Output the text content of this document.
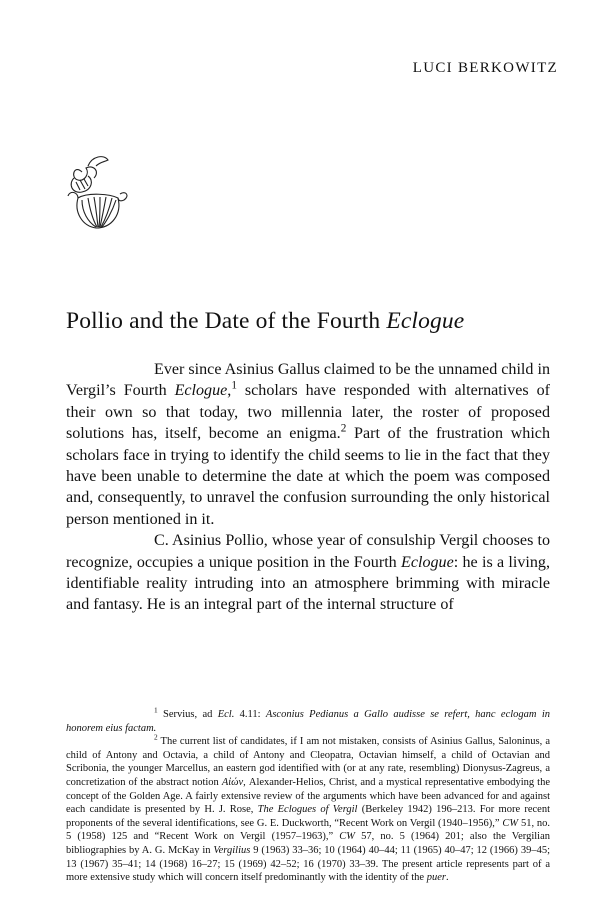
LUCI BERKOWITZ
Pollio and the Date of the Fourth Eclogue

Ever since Asinius Gallus claimed to be the unnamed child in Vergil’s Fourth Eclogue,$^1$ scholars have responded with alternatives of their own so that today, two millennia later, the roster of proposed solutions has, itself, become an enigma.$^2$ Part of the frustration which scholars face in trying to identify the child seems to lie in the fact that they have been unable to determine the date at which the poem was composed and, consequently, to unravel the confusion surrounding the only historical person mentioned in it.

C. Asinius Pollio, whose year of consulship Vergil chooses to recognize, occupies a unique position in the Fourth Eclogue: he is a living, identifiable reality intruding into an atmosphere brimming with miracle and fantasy. He is an integral part of the internal structure of

$^1$ Servius, ad Ecl. 4.11: Asconius Pedianus a Gallo audisse se refert, hanc eclogam in honorem eius factam.

$^2$ The current list of candidates, if I am not mistaken, consists of Asinius Gallus, Saloninus, a child of Antony and Octavia, a child of Antony and Cleopatra, Octavian himself, a child of Octavian and Scribonia, the younger Marcellus, an eastern god identified with (or at any rate, resembling) Dionysus-Zagreus, a concretization of the abstract notion Αἰών, Alexander-Helios, Christ, and a mystical representative embodying the concept of the Golden Age. A fairly extensive review of the arguments which have been advanced for and against each candidate is presented by H. J. Rose, The Eclogues of Vergil (Berkeley 1942) 196–213. For more recent proponents of the several identifications, see G. E. Duckworth, “Recent Work on Vergil (1940–1956),” CW 51, no. 5 (1958) 125 and “Recent Work on Vergil (1957–1963),” CW 57, no. 5 (1964) 201; also the Vergilian bibliographies by A. G. McKay in Vergilius 9 (1963) 33–36; 10 (1964) 40–44; 11 (1965) 40–47; 12 (1966) 39–45; 13 (1967) 35–41; 14 (1968) 16–27; 15 (1969) 42–52; 16 (1970) 33–39. The present article represents part of a more extensive study which will concern itself predominantly with the identity of the puer.
